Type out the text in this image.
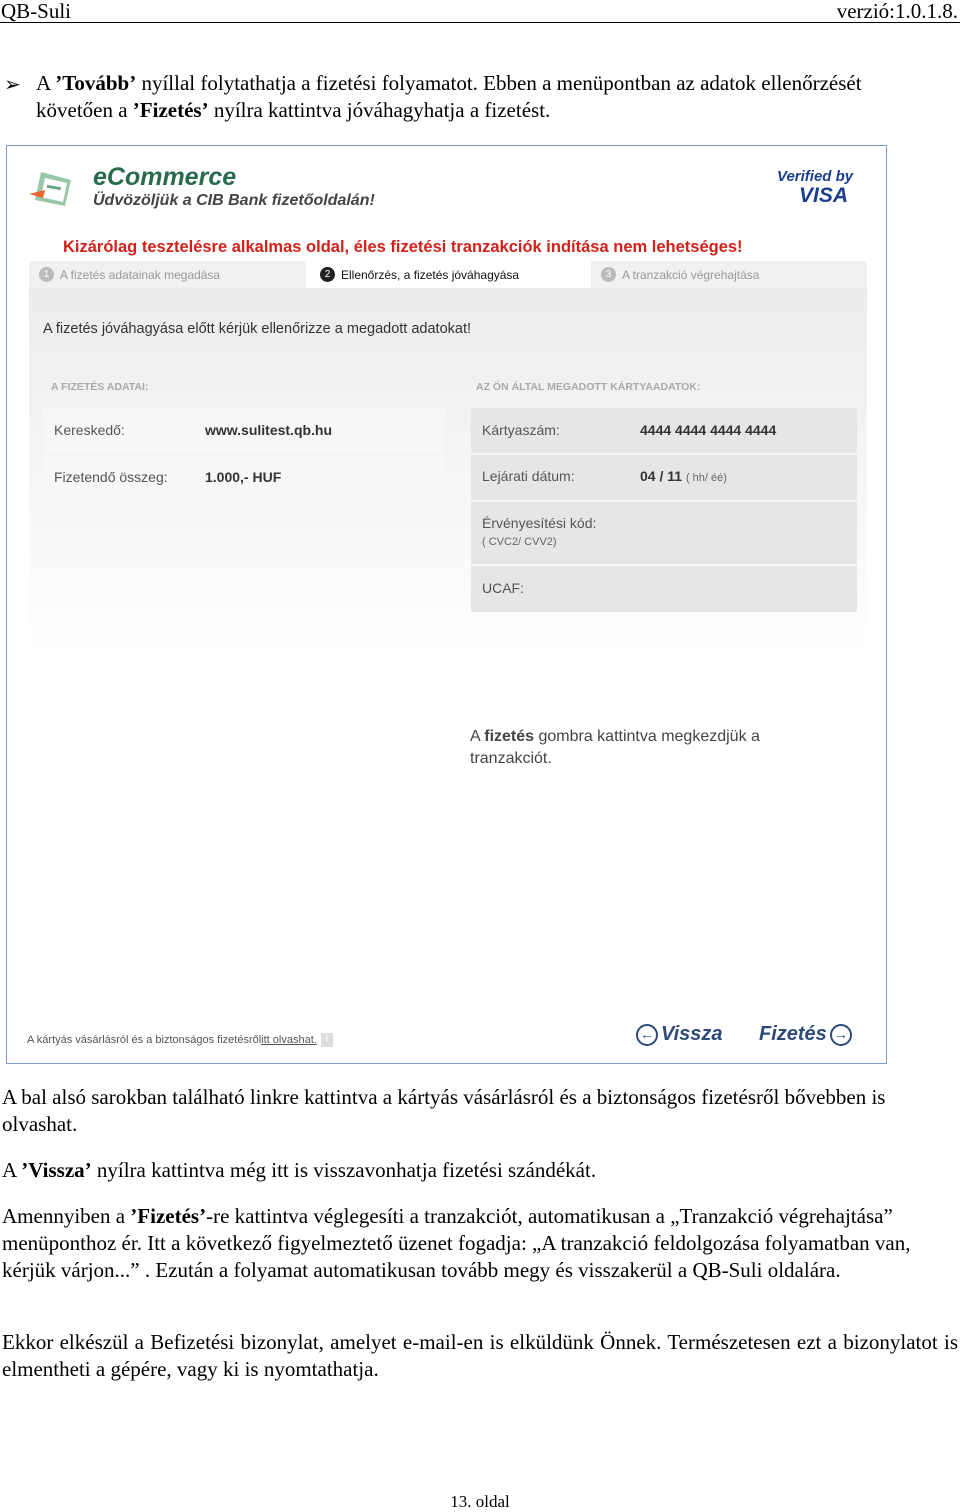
QB-Suli	verzió:1.0.1.8.
➢ A ’Tovább’ nyíllal folytathatja a fizetési folyamatot. Ebben a menüpontban az adatok ellenőrzését követően a ’Fizetés’ nyílra kattintva jóváhagyhatja a fizetést.
eCommerce
Üdvözöljük a CIB Bank fizetőoldalán!
Verified by
VISA
Kizárólag tesztelésre alkalmas oldal, éles fizetési tranzakciók indítása nem lehetséges!
1 A fizetés adatainak megadása	2 Ellenőrzés, a fizetés jóváhagyása	3 A tranzakció végrehajtása
A fizetés jóváhagyása előtt kérjük ellenőrizze a megadott adatokat!
A FIZETÉS ADATAI:	AZ ÖN ÁLTAL MEGADOTT KÁRTYAADATOK:
Kereskedő:	www.sulitest.qb.hu
Fizetendő összeg:	1.000,- HUF
Kártyaszám:	4444 4444 4444 4444
Lejárati dátum:	04 / 11 ( hh/ éé)
Érvényesítési kód:
( CVC2/ CVV2)
UCAF:
A fizetés gombra kattintva megkezdjük a tranzakciót.
A kártyás vásárlásról és a biztonságos fizetésrőlitt olvashat. i	← Vissza Fizetés →
A bal alsó sarokban található linkre kattintva a kártyás vásárlásról és a biztonságos fizetésről bővebben is olvashat.
A ’Vissza’ nyílra kattintva még itt is visszavonhatja fizetési szándékát.
Amennyiben a ’Fizetés’-re kattintva véglegesíti a tranzakciót, automatikusan a „Tranzakció végrehajtása” menüponthoz ér. Itt a következő figyelmeztető üzenet fogadja: „A tranzakció feldolgozása folyamatban van, kérjük várjon...” . Ezután a folyamat automatikusan tovább megy és visszakerül a QB-Suli oldalára.
Ekkor elkészül a Befizetési bizonylat, amelyet e-mail-en is elküldünk Önnek. Természetesen ezt a bizonylatot is elmentheti a gépére, vagy ki is nyomtathatja.
13. oldal
